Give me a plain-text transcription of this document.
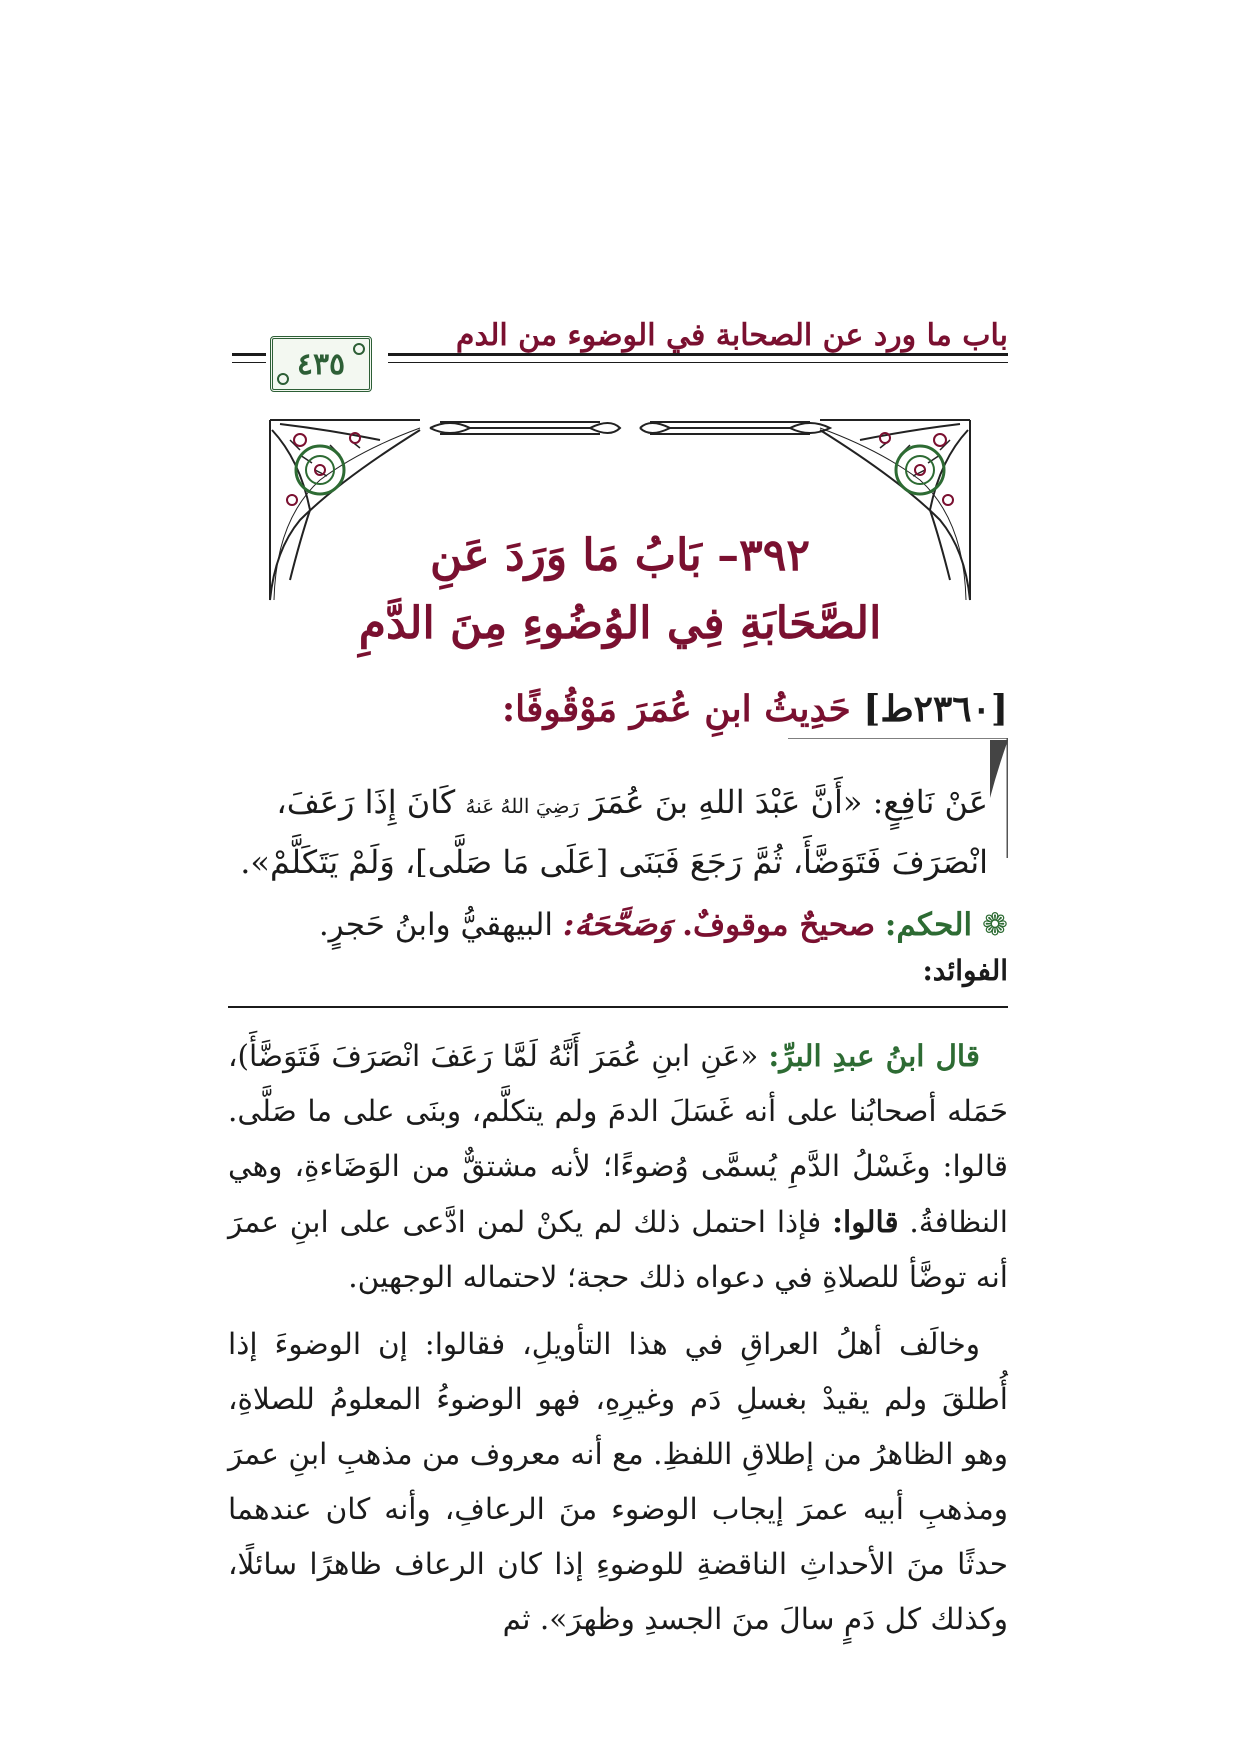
باب ما ورد عن الصحابة في الوضوء من الدم
٤٣٥
٣٩٢– بَابُ مَا وَرَدَ عَنِ
الصَّحَابَةِ فِي الوُضُوءِ مِنَ الدَّمِ
[٢٣٦٠ط] حَدِيثُ ابنِ عُمَرَ مَوْقُوفًا:
عَنْ نَافِعٍ: «أَنَّ عَبْدَ اللهِ بنَ عُمَرَ رَضِيَ اللهُ عَنهُ كَانَ إِذَا رَعَفَ، انْصَرَفَ فَتَوَضَّأَ، ثُمَّ رَجَعَ فَبَنَى [عَلَى مَا صَلَّى]، وَلَمْ يَتَكَلَّمْ».
❁ الحكم: صحيحٌ موقوفٌ. وَصَحَّحَهُ: البيهقيُّ وابنُ حَجرٍ.
الفوائد:

قال ابنُ عبدِ البرِّ: «عَنِ ابنِ عُمَرَ أَنَّهُ لَمَّا رَعَفَ انْصَرَفَ فَتَوَضَّأَ)، حَمَله أصحابُنا على أنه غَسَلَ الدمَ ولم يتكلَّم، وبنَى على ما صَلَّى. قالوا: وغَسْلُ الدَّمِ يُسمَّى وُضوءًا؛ لأنه مشتقٌّ من الوَضَاءةِ، وهي النظافةُ. قالوا: فإذا احتمل ذلك لم يكنْ لمن ادَّعى على ابنِ عمرَ أنه توضَّأ للصلاةِ في دعواه ذلك حجة؛ لاحتماله الوجهين.

وخالَف أهلُ العراقِ في هذا التأويلِ، فقالوا: إن الوضوءَ إذا أُطلقَ ولم يقيدْ بغسلِ دَم وغيرِهِ، فهو الوضوءُ المعلومُ للصلاةِ، وهو الظاهرُ من إطلاقِ اللفظِ. مع أنه معروف من مذهبِ ابنِ عمرَ ومذهبِ أبيه عمرَ إيجاب الوضوء منَ الرعافِ، وأنه كان عندهما حدثًا منَ الأحداثِ الناقضةِ للوضوءِ إذا كان الرعاف ظاهرًا سائلًا، وكذلك كل دَمٍ سالَ منَ الجسدِ وظهرَ». ثم
